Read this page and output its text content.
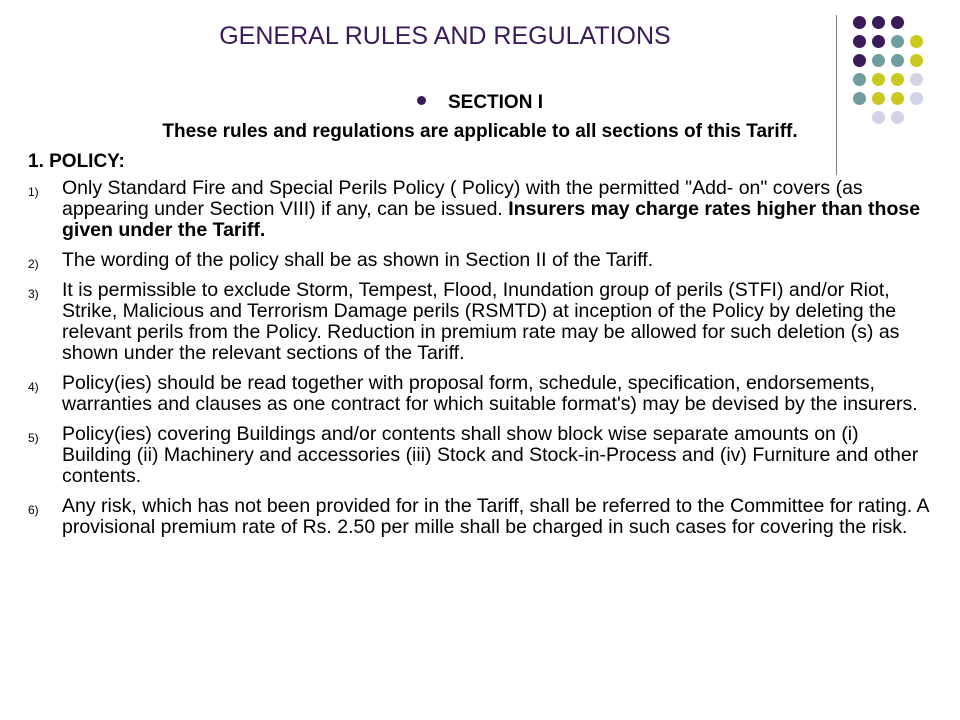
GENERAL RULES AND REGULATIONS
SECTION I
These rules and regulations are applicable to all sections of this Tariff.
1. POLICY:
1)	Only Standard Fire and Special Perils Policy ( Policy) with the permitted "Add- on" covers (as appearing under Section VIII) if any, can be issued. Insurers may charge rates higher than those given under the Tariff.
2)	The wording of the policy shall be as shown in Section II of the Tariff.
3)	It is permissible to exclude Storm, Tempest, Flood, Inundation group of perils (STFI) and/or Riot, Strike, Malicious and Terrorism Damage perils (RSMTD) at inception of the Policy by deleting the relevant perils from the Policy. Reduction in premium rate may be allowed for such deletion (s) as shown under the relevant sections of the Tariff.
4)	Policy(ies) should be read together with proposal form, schedule, specification, endorsements, warranties and clauses as one contract for which suitable format's) may be devised by the insurers.
5)	Policy(ies) covering Buildings and/or contents shall show block wise separate amounts on (i) Building (ii) Machinery and accessories (iii) Stock and Stock-in-Process and (iv) Furniture and other contents.
6)	Any risk, which has not been provided for in the Tariff, shall be referred to the Committee for rating. A provisional premium rate of Rs. 2.50 per mille shall be charged in such cases for covering the risk.
